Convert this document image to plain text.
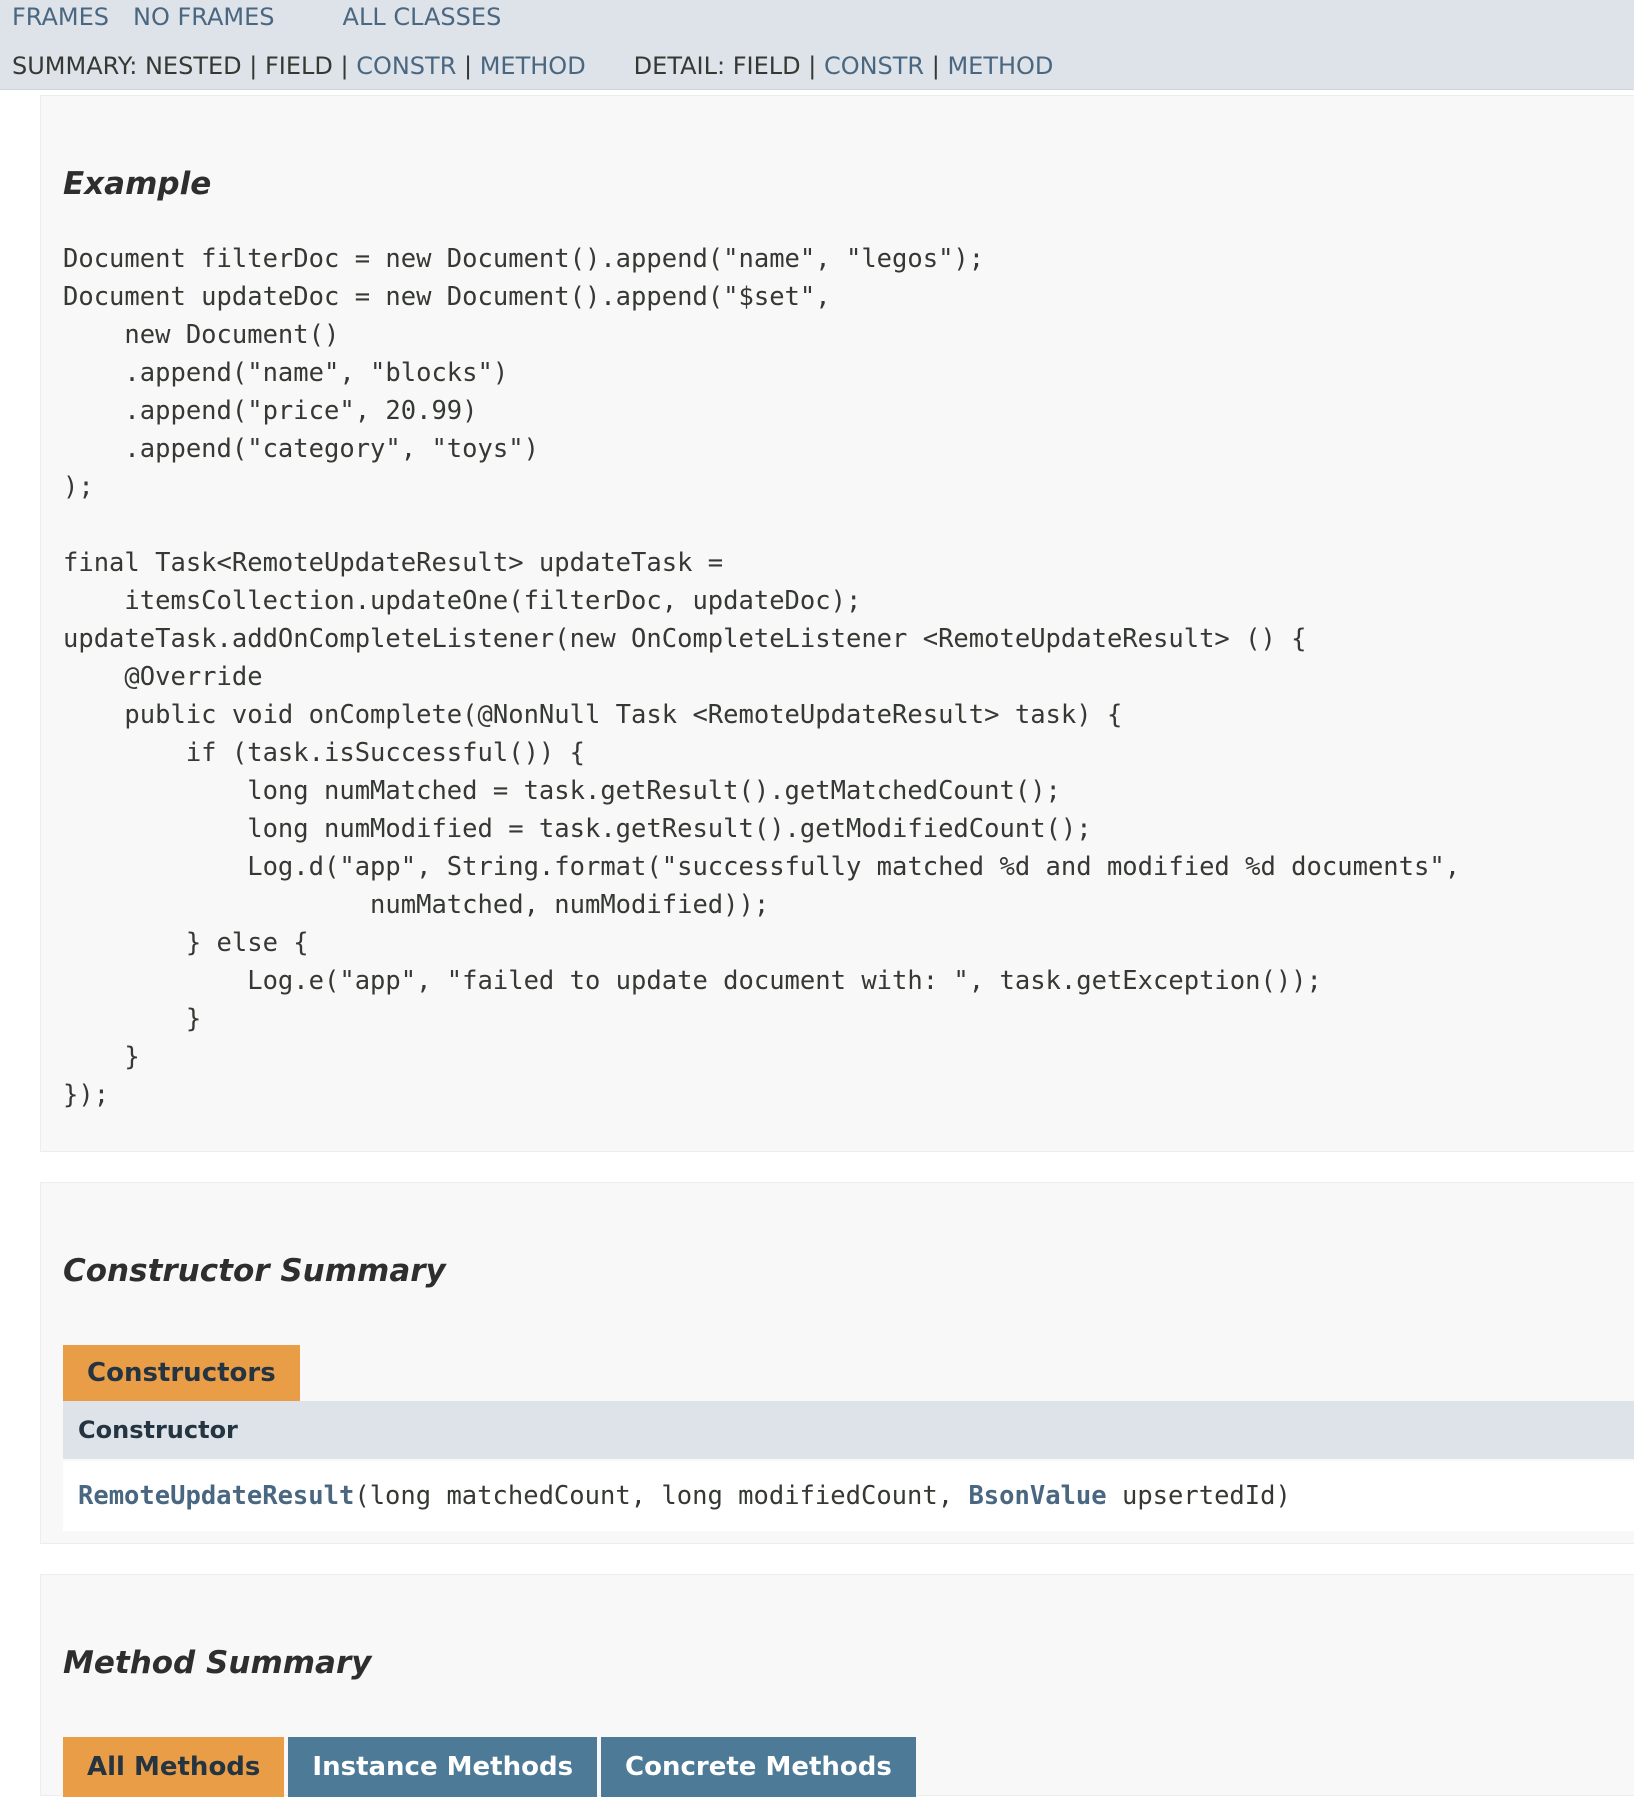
FRAMES NO FRAMES	ALL CLASSES
SUMMARY: NESTED | FIELD | CONSTR | METHOD DETAIL: FIELD | CONSTR | METHOD
Example
Document filterDoc = new Document().append("name", "legos");
Document updateDoc = new Document().append("$set",
new Document()
.append("name", "blocks")
.append("price", 20.99)
.append("category", "toys")
);

final Task<RemoteUpdateResult> updateTask =
itemsCollection.updateOne(filterDoc, updateDoc);
updateTask.addOnCompleteListener(new OnCompleteListener <RemoteUpdateResult> () {
@Override
public void onComplete(@NonNull Task <RemoteUpdateResult> task) {
if (task.isSuccessful()) {
long numMatched = task.getResult().getMatchedCount();
long numModified = task.getResult().getModifiedCount();
Log.d("app", String.format("successfully matched %d and modified %d documents",
numMatched, numModified));
} else {
Log.e("app", "failed to update document with: ", task.getException());
}
}
});
Constructor Summary
Constructors
Constructor
RemoteUpdateResult(long matchedCount, long modifiedCount, BsonValue upsertedId)
Method Summary
All Methods Instance Methods Concrete Methods
